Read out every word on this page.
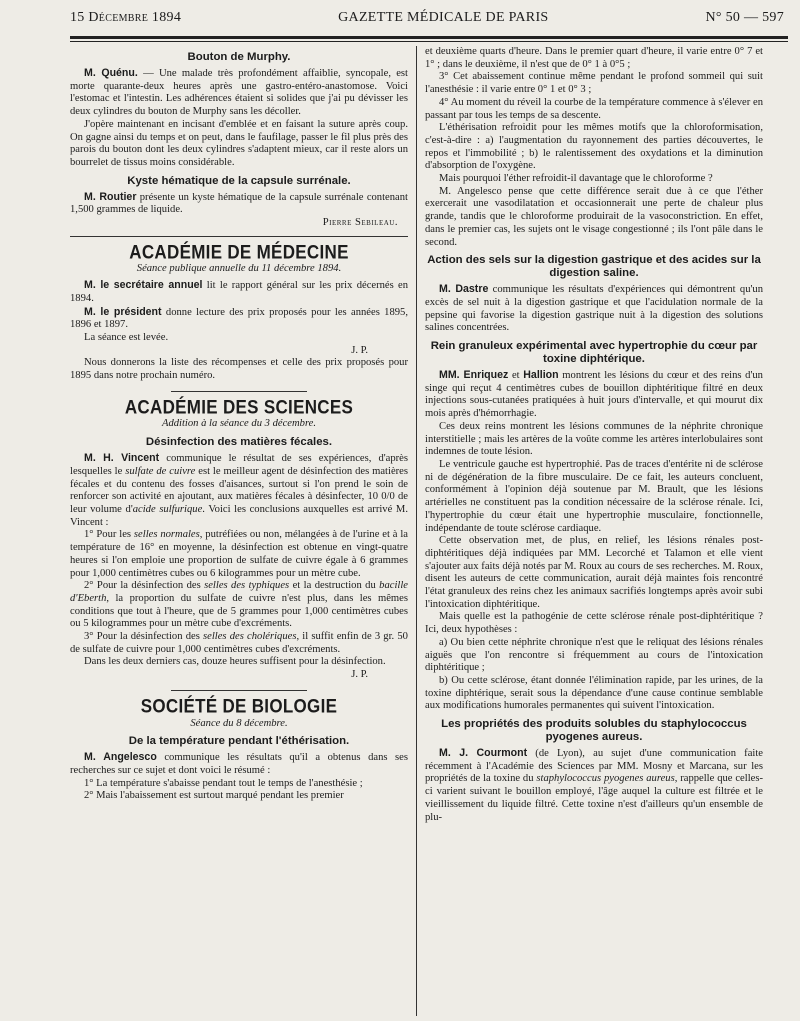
15 Décembre 1894	GAZETTE MÉDICALE DE PARIS	N° 50 — 597
Bouton de Murphy.

M. Quénu. — Une malade très profondément affaiblie, syncopale, est morte quarante-deux heures après une gastro-entéro-anastomose. Voici l'estomac et l'intestin. Les adhérences étaient si solides que j'ai pu dévisser les deux cylindres du bouton de Murphy sans les décoller.

J'opère maintenant en incisant d'emblée et en faisant la suture après coup. On gagne ainsi du temps et on peut, dans le faufilage, passer le fil plus près des parois du bouton dont les deux cylindres s'adaptent mieux, car il reste alors un bourrelet de tissus moins considérable.

Kyste hématique de la capsule surrénale.

M. Routier présente un kyste hématique de la capsule surrénale contenant 1,500 grammes de liquide.

Pierre Sebileau.
ACADÉMIE DE MÉDECINE
Séance publique annuelle du 11 décembre 1894.

M. le secrétaire annuel lit le rapport général sur les prix décernés en 1894.

M. le président donne lecture des prix proposés pour les années 1895, 1896 et 1897.

La séance est levée.

J. P.

Nous donnerons la liste des récompenses et celle des prix proposés pour 1895 dans notre prochain numéro.

ACADÉMIE DES SCIENCES
Addition à la séance du 3 décembre.
Désinfection des matières fécales.

M. H. Vincent communique le résultat de ses expériences, d'après lesquelles le sulfate de cuivre est le meilleur agent de désinfection des matières fécales et du contenu des fosses d'aisances, surtout si l'on prend le soin de renforcer son activité en ajoutant, aux matières fécales à désinfecter, 10 0/0 de leur volume d'acide sulfurique. Voici les conclusions auxquelles est arrivé M. Vincent :

1° Pour les selles normales, putréfiées ou non, mélangées à de l'urine et à la température de 16° en moyenne, la désinfection est obtenue en vingt-quatre heures si l'on emploie une proportion de sulfate de cuivre égale à 6 grammes pour 1,000 centimètres cubes ou 6 kilogrammes pour un mètre cube.

2° Pour la désinfection des selles des typhiques et la destruction du bacille d'Eberth, la proportion du sulfate de cuivre n'est plus, dans les mêmes conditions que tout à l'heure, que de 5 grammes pour 1,000 centimètres cubes ou 5 kilogrammes pour un mètre cube d'excréments.

3° Pour la désinfection des selles des cholériques, il suffit enfin de 3 gr. 50 de sulfate de cuivre pour 1,000 centimètres cubes d'excréments.

Dans les deux derniers cas, douze heures suffisent pour la désinfection.

J. P.
SOCIÉTÉ DE BIOLOGIE
Séance du 8 décembre.
De la température pendant l'éthérisation.

M. Angelesco communique les résultats qu'il a obtenus dans ses recherches sur ce sujet et dont voici le résumé :

1° La température s'abaisse pendant tout le temps de l'anesthésie ;

2° Mais l'abaissement est surtout marqué pendant les premier

et deuxième quarts d'heure. Dans le premier quart d'heure, il varie entre 0° 7 et 1° ; dans le deuxième, il n'est que de 0° 1 à 0°5 ;

3° Cet abaissement continue même pendant le profond sommeil qui suit l'anesthésie : il varie entre 0° 1 et 0° 3 ;

4° Au moment du réveil la courbe de la température commence à s'élever en passant par tous les temps de sa descente.

L'éthérisation refroidit pour les mêmes motifs que la chloroformisation, c'est-à-dire : a) l'augmentation du rayonnement des parties découvertes, le repos et l'immobilité ; b) le ralentissement des oxydations et la diminution d'absorption de l'oxygène.

Mais pourquoi l'éther refroidit-il davantage que le chloroforme ?

M. Angelesco pense que cette différence serait due à ce que l'éther exercerait une vasodilatation et occasionnerait une perte de chaleur plus grande, tandis que le chloroforme produirait de la vasoconstriction. En effet, dans le premier cas, les sujets ont le visage congestionné ; ils l'ont pâle dans le second.

Action des sels sur la digestion gastrique et des acides sur la digestion saline.

M. Dastre communique les résultats d'expériences qui démontrent qu'un excès de sel nuit à la digestion gastrique et que l'acidulation normale de la pepsine qui favorise la digestion gastrique nuit à la digestion des solutions salines concentrées.

Rein granuleux expérimental avec hypertrophie du cœur par toxine diphtérique.

MM. Enriquez et Hallion montrent les lésions du cœur et des reins d'un singe qui reçut 4 centimètres cubes de bouillon diphtéritique filtré en deux injections sous-cutanées pratiquées à huit jours d'intervalle, et qui mourut dix mois après d'hémorrhagie.

Ces deux reins montrent les lésions communes de la néphrite chronique interstitielle ; mais les artères de la voûte comme les artères interlobulaires sont indemnes de toute lésion.

Le ventricule gauche est hypertrophié. Pas de traces d'entérite ni de sclérose ni de dégénération de la fibre musculaire. De ce fait, les auteurs concluent, conformément à l'opinion déjà soutenue par M. Brault, que les lésions artérielles ne constituent pas la condition nécessaire de la sclérose rénale. Ici, l'hypertrophie du cœur était une hypertrophie musculaire, fonctionnelle, indépendante de toute sclérose cardiaque.

Cette observation met, de plus, en relief, les lésions rénales post-diphtéritiques déjà indiquées par MM. Lecorché et Talamon et elle vient s'ajouter aux faits déjà notés par M. Roux au cours de ses recherches. M. Roux, disent les auteurs de cette communication, aurait déjà maintes fois rencontré l'état granuleux des reins chez les animaux sacrifiés longtemps après avoir subi l'intoxication diphtéritique.

Mais quelle est la pathogénie de cette sclérose rénale post-diphtéritique ? Ici, deux hypothèses :

a) Ou bien cette néphrite chronique n'est que le reliquat des lésions rénales aiguës que l'on rencontre si fréquemment au cours de l'intoxication diphtéritique ;

b) Ou cette sclérose, étant donnée l'élimination rapide, par les urines, de la toxine diphtérique, serait sous la dépendance d'une cause continue semblable aux modifications humorales permanentes qui suivent l'intoxication.

Les propriétés des produits solubles du staphylococcus pyogenes aureus.

M. J. Courmont (de Lyon), au sujet d'une communication faite récemment à l'Académie des Sciences par MM. Mosny et Marcana, sur les propriétés de la toxine du staphylococcus pyogenes aureus, rappelle que celles-ci varient suivant le bouillon employé, l'âge auquel la culture est filtrée et le vieillissement du liquide filtré. Cette toxine n'est d'ailleurs qu'un ensemble de plu-
